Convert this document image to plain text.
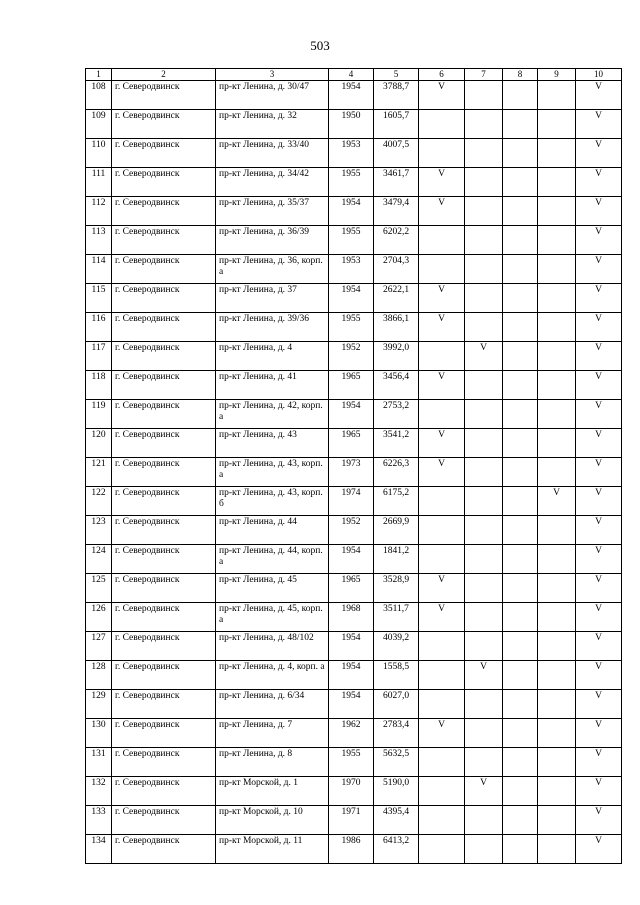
503
1	2	3	4	5	6	7	8	9	10
108	г. Северодвинск	пр-кт Ленина, д. 30/47	1954	3788,7	V				V
109	г. Северодвинск	пр-кт Ленина, д. 32	1950	1605,7					V
110	г. Северодвинск	пр-кт Ленина, д. 33/40	1953	4007,5					V
111	г. Северодвинск	пр-кт Ленина, д. 34/42	1955	3461,7	V				V
112	г. Северодвинск	пр-кт Ленина, д. 35/37	1954	3479,4	V				V
113	г. Северодвинск	пр-кт Ленина, д. 36/39	1955	6202,2					V
114	г. Северодвинск	пр-кт Ленина, д. 36, корп. а	1953	2704,3					V
115	г. Северодвинск	пр-кт Ленина, д. 37	1954	2622,1	V				V
116	г. Северодвинск	пр-кт Ленина, д. 39/36	1955	3866,1	V				V
117	г. Северодвинск	пр-кт Ленина, д. 4	1952	3992,0		V			V
118	г. Северодвинск	пр-кт Ленина, д. 41	1965	3456,4	V				V
119	г. Северодвинск	пр-кт Ленина, д. 42, корп. а	1954	2753,2					V
120	г. Северодвинск	пр-кт Ленина, д. 43	1965	3541,2	V				V
121	г. Северодвинск	пр-кт Ленина, д. 43, корп. а	1973	6226,3	V				V
122	г. Северодвинск	пр-кт Ленина, д. 43, корп. б	1974	6175,2				V	V
123	г. Северодвинск	пр-кт Ленина, д. 44	1952	2669,9					V
124	г. Северодвинск	пр-кт Ленина, д. 44, корп. а	1954	1841,2					V
125	г. Северодвинск	пр-кт Ленина, д. 45	1965	3528,9	V				V
126	г. Северодвинск	пр-кт Ленина, д. 45, корп. а	1968	3511,7	V				V
127	г. Северодвинск	пр-кт Ленина, д. 48/102	1954	4039,2					V
128	г. Северодвинск	пр-кт Ленина, д. 4, корп. а	1954	1558,5		V			V
129	г. Северодвинск	пр-кт Ленина, д. 6/34	1954	6027,0					V
130	г. Северодвинск	пр-кт Ленина, д. 7	1962	2783,4	V				V
131	г. Северодвинск	пр-кт Ленина, д. 8	1955	5632,5					V
132	г. Северодвинск	пр-кт Морской, д. 1	1970	5190,0		V			V
133	г. Северодвинск	пр-кт Морской, д. 10	1971	4395,4					V
134	г. Северодвинск	пр-кт Морской, д. 11	1986	6413,2					V
